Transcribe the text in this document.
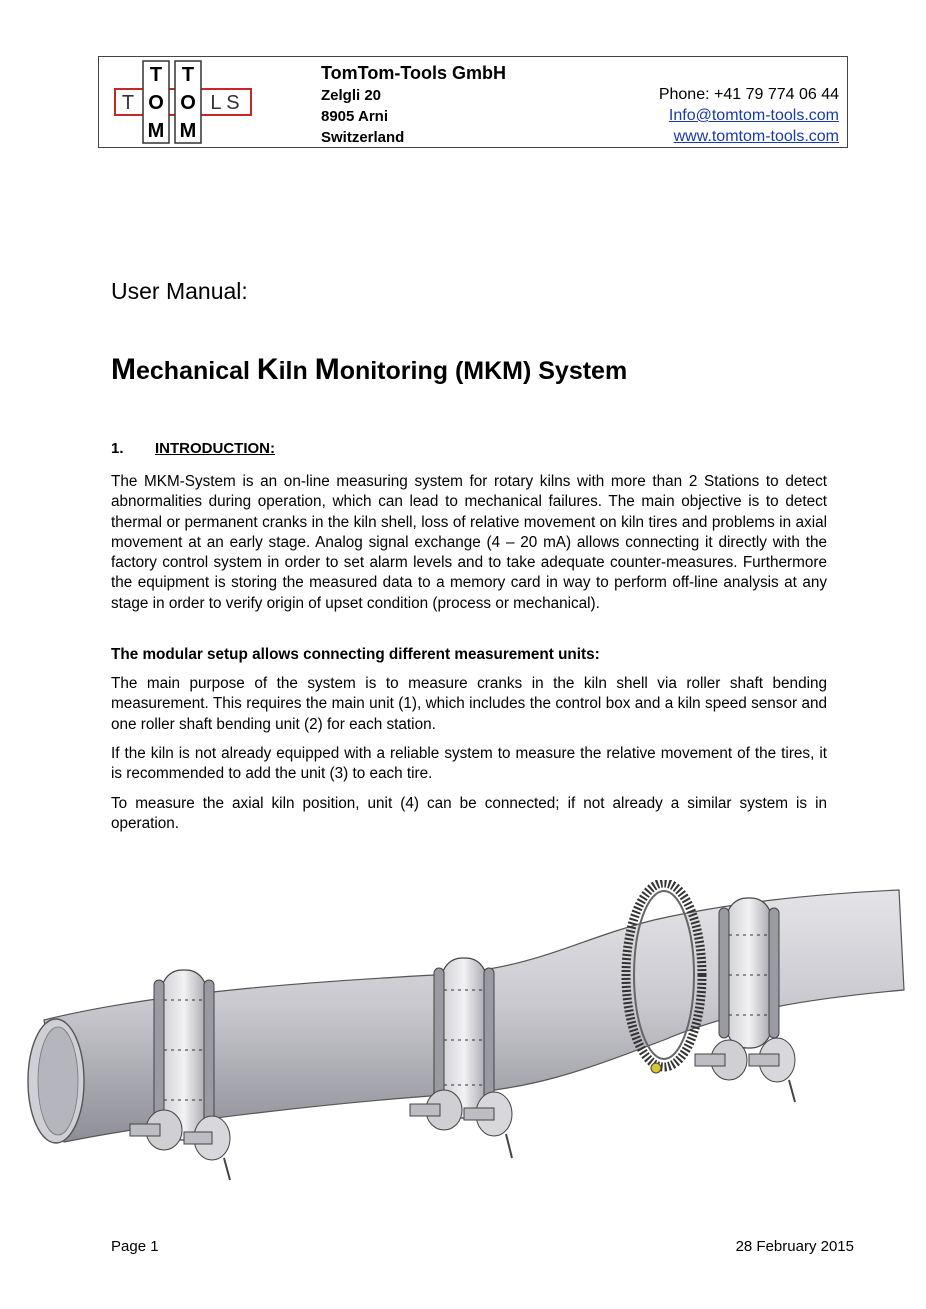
T
O
M
T
O
M
T	L S
TomTom-Tools GmbH
Zelgli 20
8905 Arni
Switzerland
Phone: +41 79 774 06 44
Info@tomtom-tools.com
www.tomtom-tools.com
User Manual:
Mechanical Kiln Monitoring (MKM) System
1. INTRODUCTION:

The MKM-System is an on-line measuring system for rotary kilns with more than 2 Stations to detect abnormalities during operation, which can lead to mechanical failures. The main objective is to detect thermal or permanent cranks in the kiln shell, loss of relative movement on kiln tires and problems in axial movement at an early stage. Analog signal exchange (4 – 20 mA) allows connecting it directly with the factory control system in order to set alarm levels and to take adequate counter-measures. Furthermore the equipment is storing the measured data to a memory card in way to perform off-line analysis at any stage in order to verify origin of upset condition (process or mechanical).

The modular setup allows connecting different measurement units:

The main purpose of the system is to measure cranks in the kiln shell via roller shaft bending measurement. This requires the main unit (1), which includes the control box and a kiln speed sensor and one roller shaft bending unit (2) for each station.

If the kiln is not already equipped with a reliable system to measure the relative movement of the tires, it is recommended to add the unit (3) to each tire.

To measure the axial kiln position, unit (4) can be connected; if not already a similar system is in operation.

Page 1	28 February 2015
